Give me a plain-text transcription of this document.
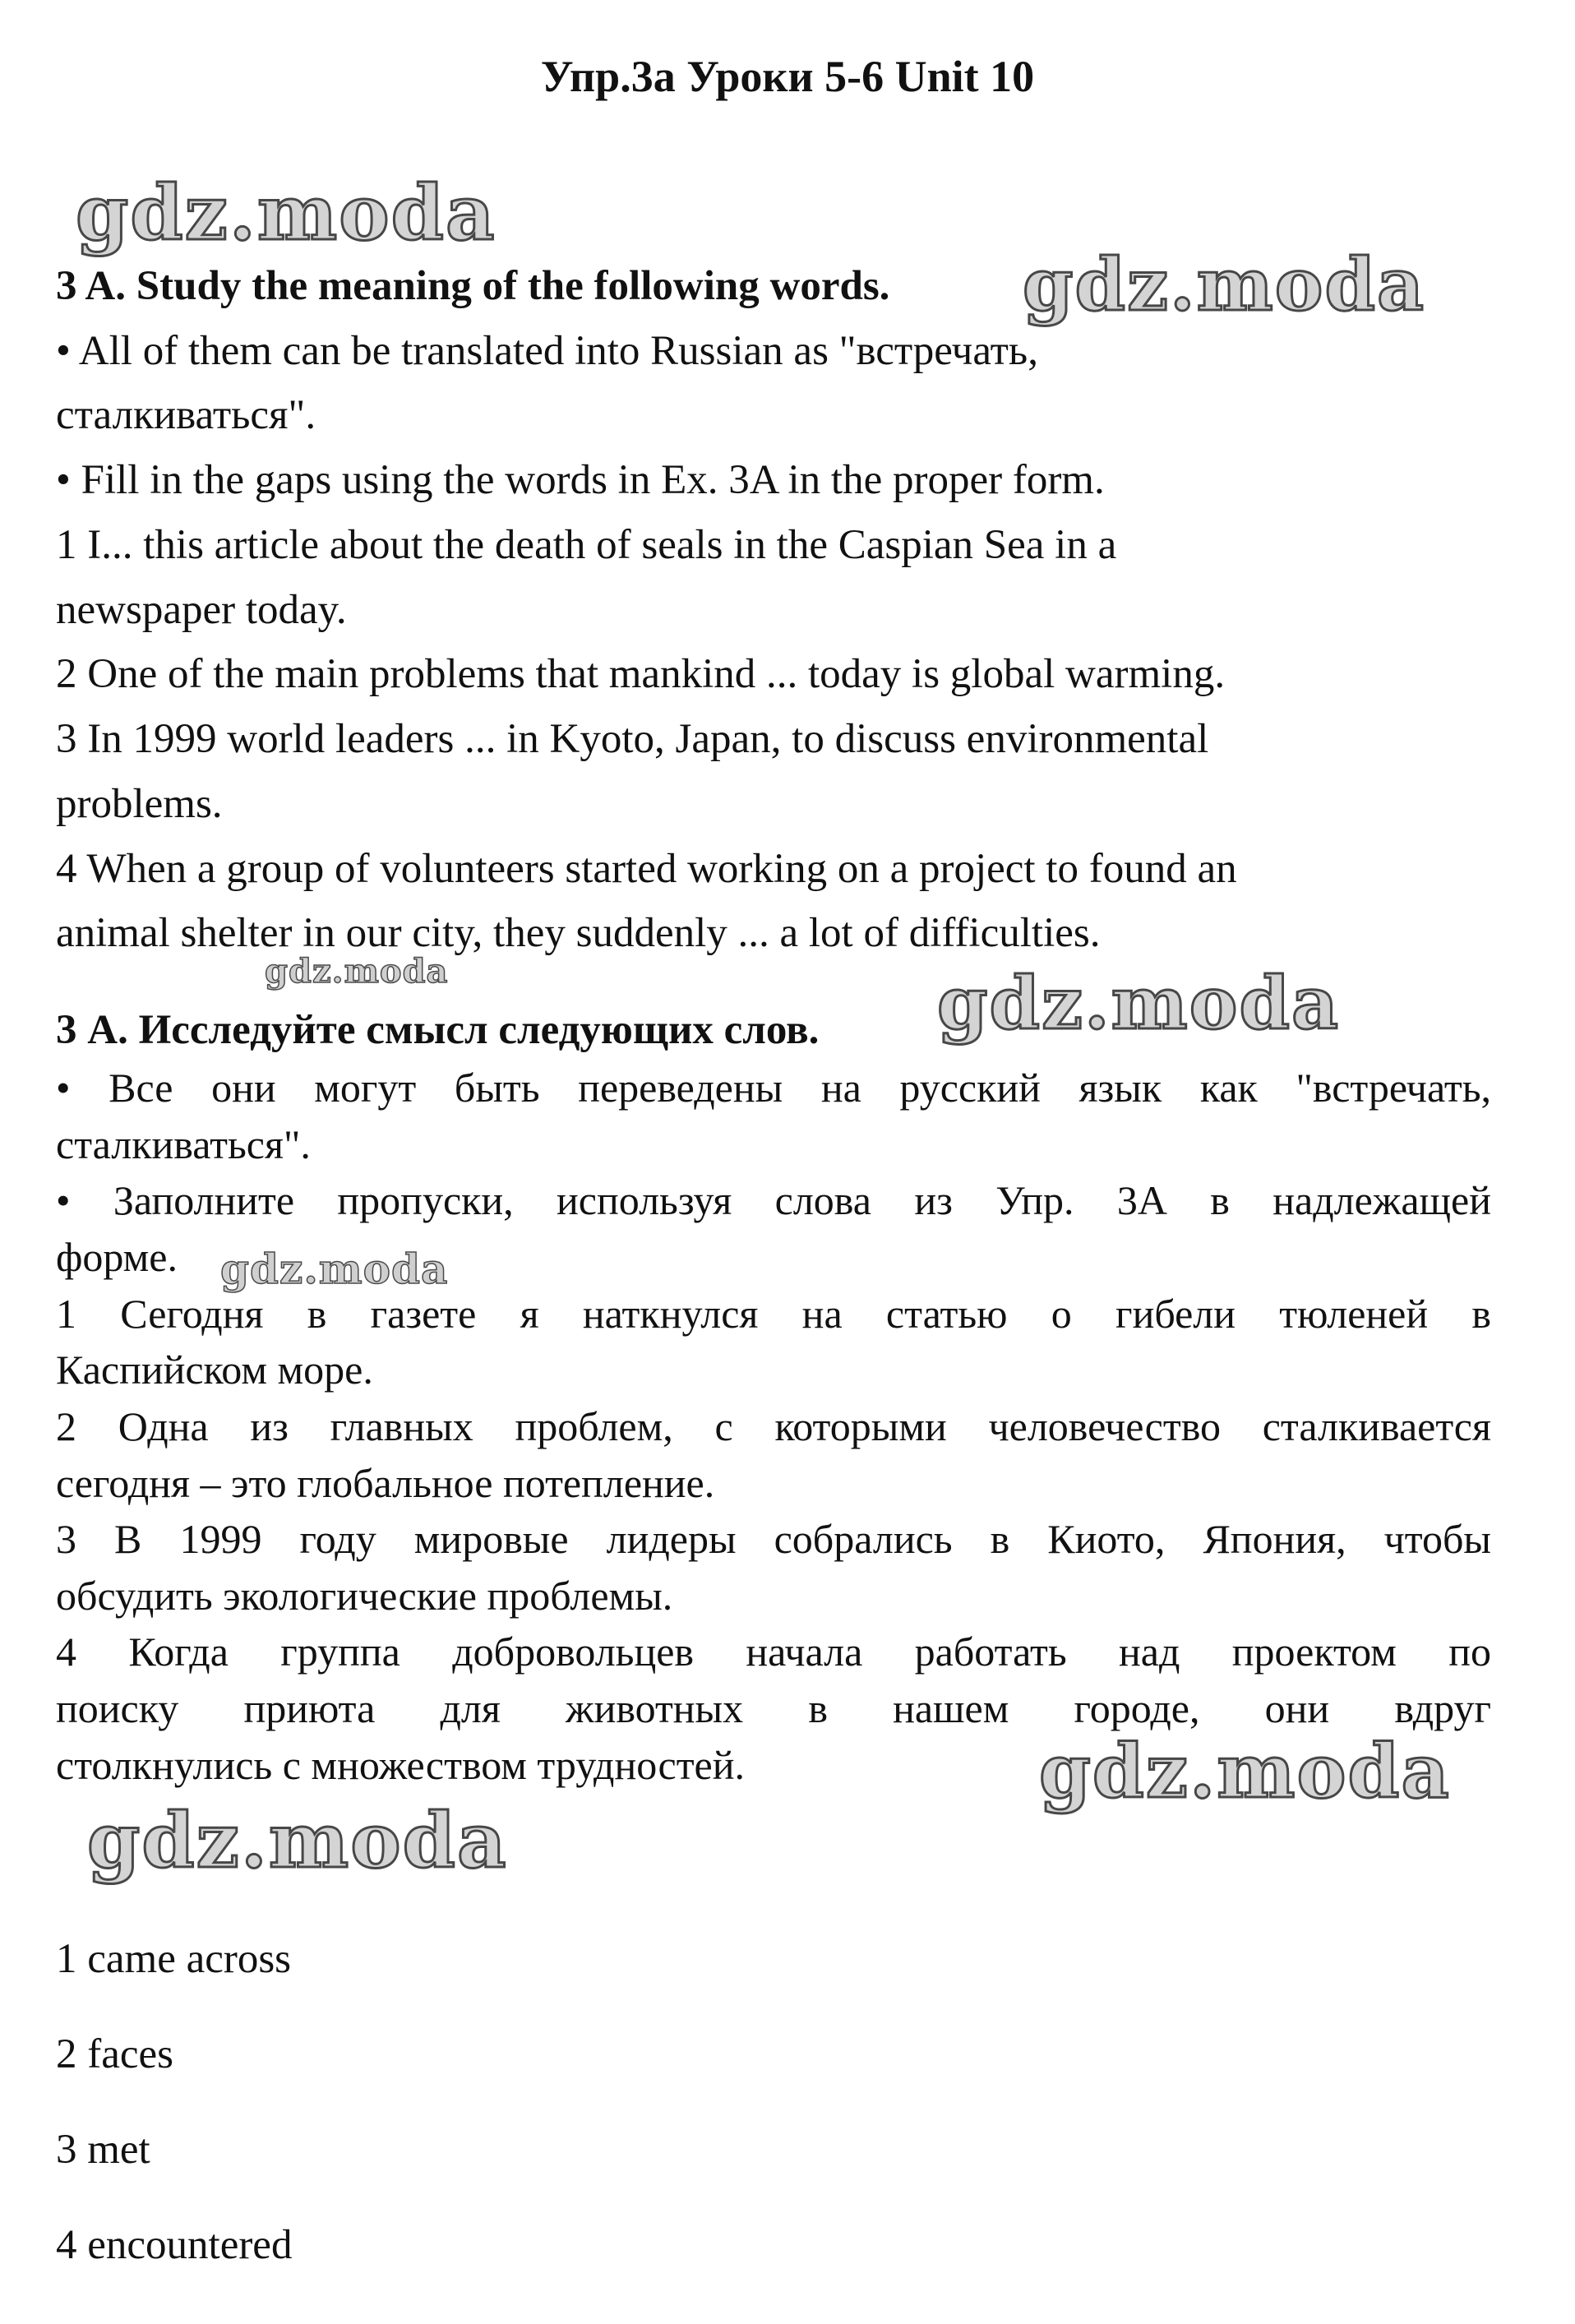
Упр.3а Уроки 5-6 Unit 10
gdz.moda
gdz.moda
gdz.moda	gdz.moda
gdz.moda
gdz.moda
gdz.moda
3 A. Study the meaning of the following words.
• All of them can be translated into Russian as "встречать,
сталкиваться".
• Fill in the gaps using the words in Ex. 3A in the proper form.
1 I... this article about the death of seals in the Caspian Sea in a
newspaper today.
2 One of the main problems that mankind ... today is global warming.
3 In 1999 world leaders ... in Kyoto, Japan, to discuss environmental
problems.
4 When a group of volunteers started working on a project to found an
animal shelter in our city, they suddenly ... a lot of difficulties.
3 А. Исследуйте смысл следующих слов.
• Все они могут быть переведены на русский язык как "встречать,
сталкиваться".
• Заполните пропуски, используя слова из Упр. 3А в надлежащей
форме.
1 Сегодня в газете я наткнулся на статью о гибели тюленей в
Каспийском море.
2 Одна из главных проблем, с которыми человечество сталкивается
сегодня – это глобальное потепление.
3 В 1999 году мировые лидеры собрались в Киото, Япония, чтобы
обсудить экологические проблемы.
4 Когда группа добровольцев начала работать над проектом по
поиску приюта для животных в нашем городе, они вдруг
столкнулись с множеством трудностей.
1 came across
2 faces
3 met
4 encountered
